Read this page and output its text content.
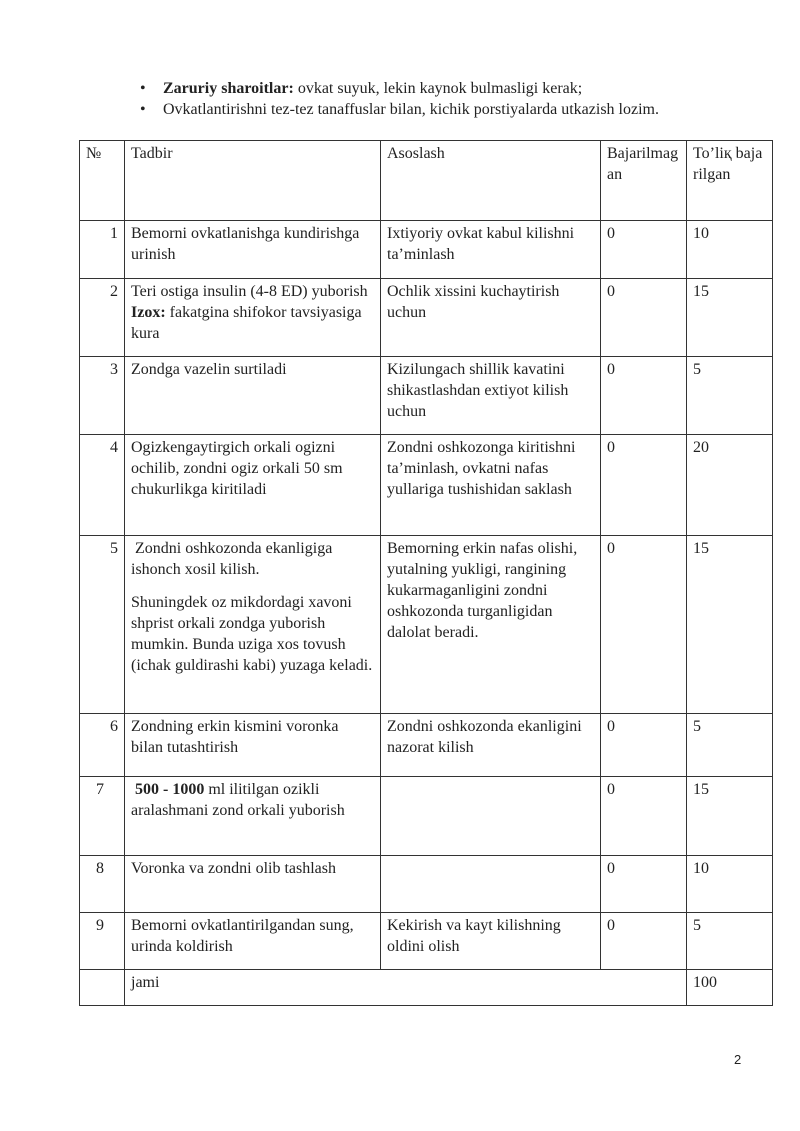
• Zaruriy sharoitlar: ovkat suyuk, lekin kaynok bulmasligi kerak;
• Ovkatlantirishni tez-tez tanaffuslar bilan, kichik porstiyalarda utkazish lozim.
№	Tadbir	Asoslash	Bajarilmagan	To’liқ bajarilgan
1	Bemorni ovkatlanishga kundirishga urinish	Ixtiyoriy ovkat kabul kilishni ta’minlash	0	10
2	Teri ostiga insulin (4-8 ED) yuborish Izox: fakatgina shifokor tavsiyasiga kura	Ochlik xissini kuchaytirish uchun	0	15
3	Zondga vazelin surtiladi	Kizilungach shillik kavatini shikastlashdan extiyot kilish uchun	0	5
4	Ogizkengaytirgich orkali ogizni ochilib, zondni ogiz orkali 50 sm chukurlikga kiritiladi	Zondni oshkozonga kiritishni ta’minlash, ovkatni nafas yullariga tushishidan saklash	0	20
5	Zondni oshkozonda ekanligiga ishonch xosil kilish.
Shuningdek oz mikdordagi xavoni shprist orkali zondga yuborish mumkin. Bunda uziga xos tovush (ichak guldirashi kabi) yuzaga keladi.	Bemorning erkin nafas olishi, yutalning yukligi, rangining kukarmaganligini zondni oshkozonda turganligidan dalolat beradi.	0	15
6	Zondning erkin kismini voronka bilan tutashtirish	Zondni oshkozonda ekanligini nazorat kilish	0	5
7	500 - 1000 ml ilitilgan ozikli aralashmani zond orkali yuborish		0	15
8	Voronka va zondni olib tashlash		0	10
9	Bemorni ovkatlantirilgandan sung, urinda koldirish	Kekirish va kayt kilishning oldini olish	0	5
	jami			100
2
